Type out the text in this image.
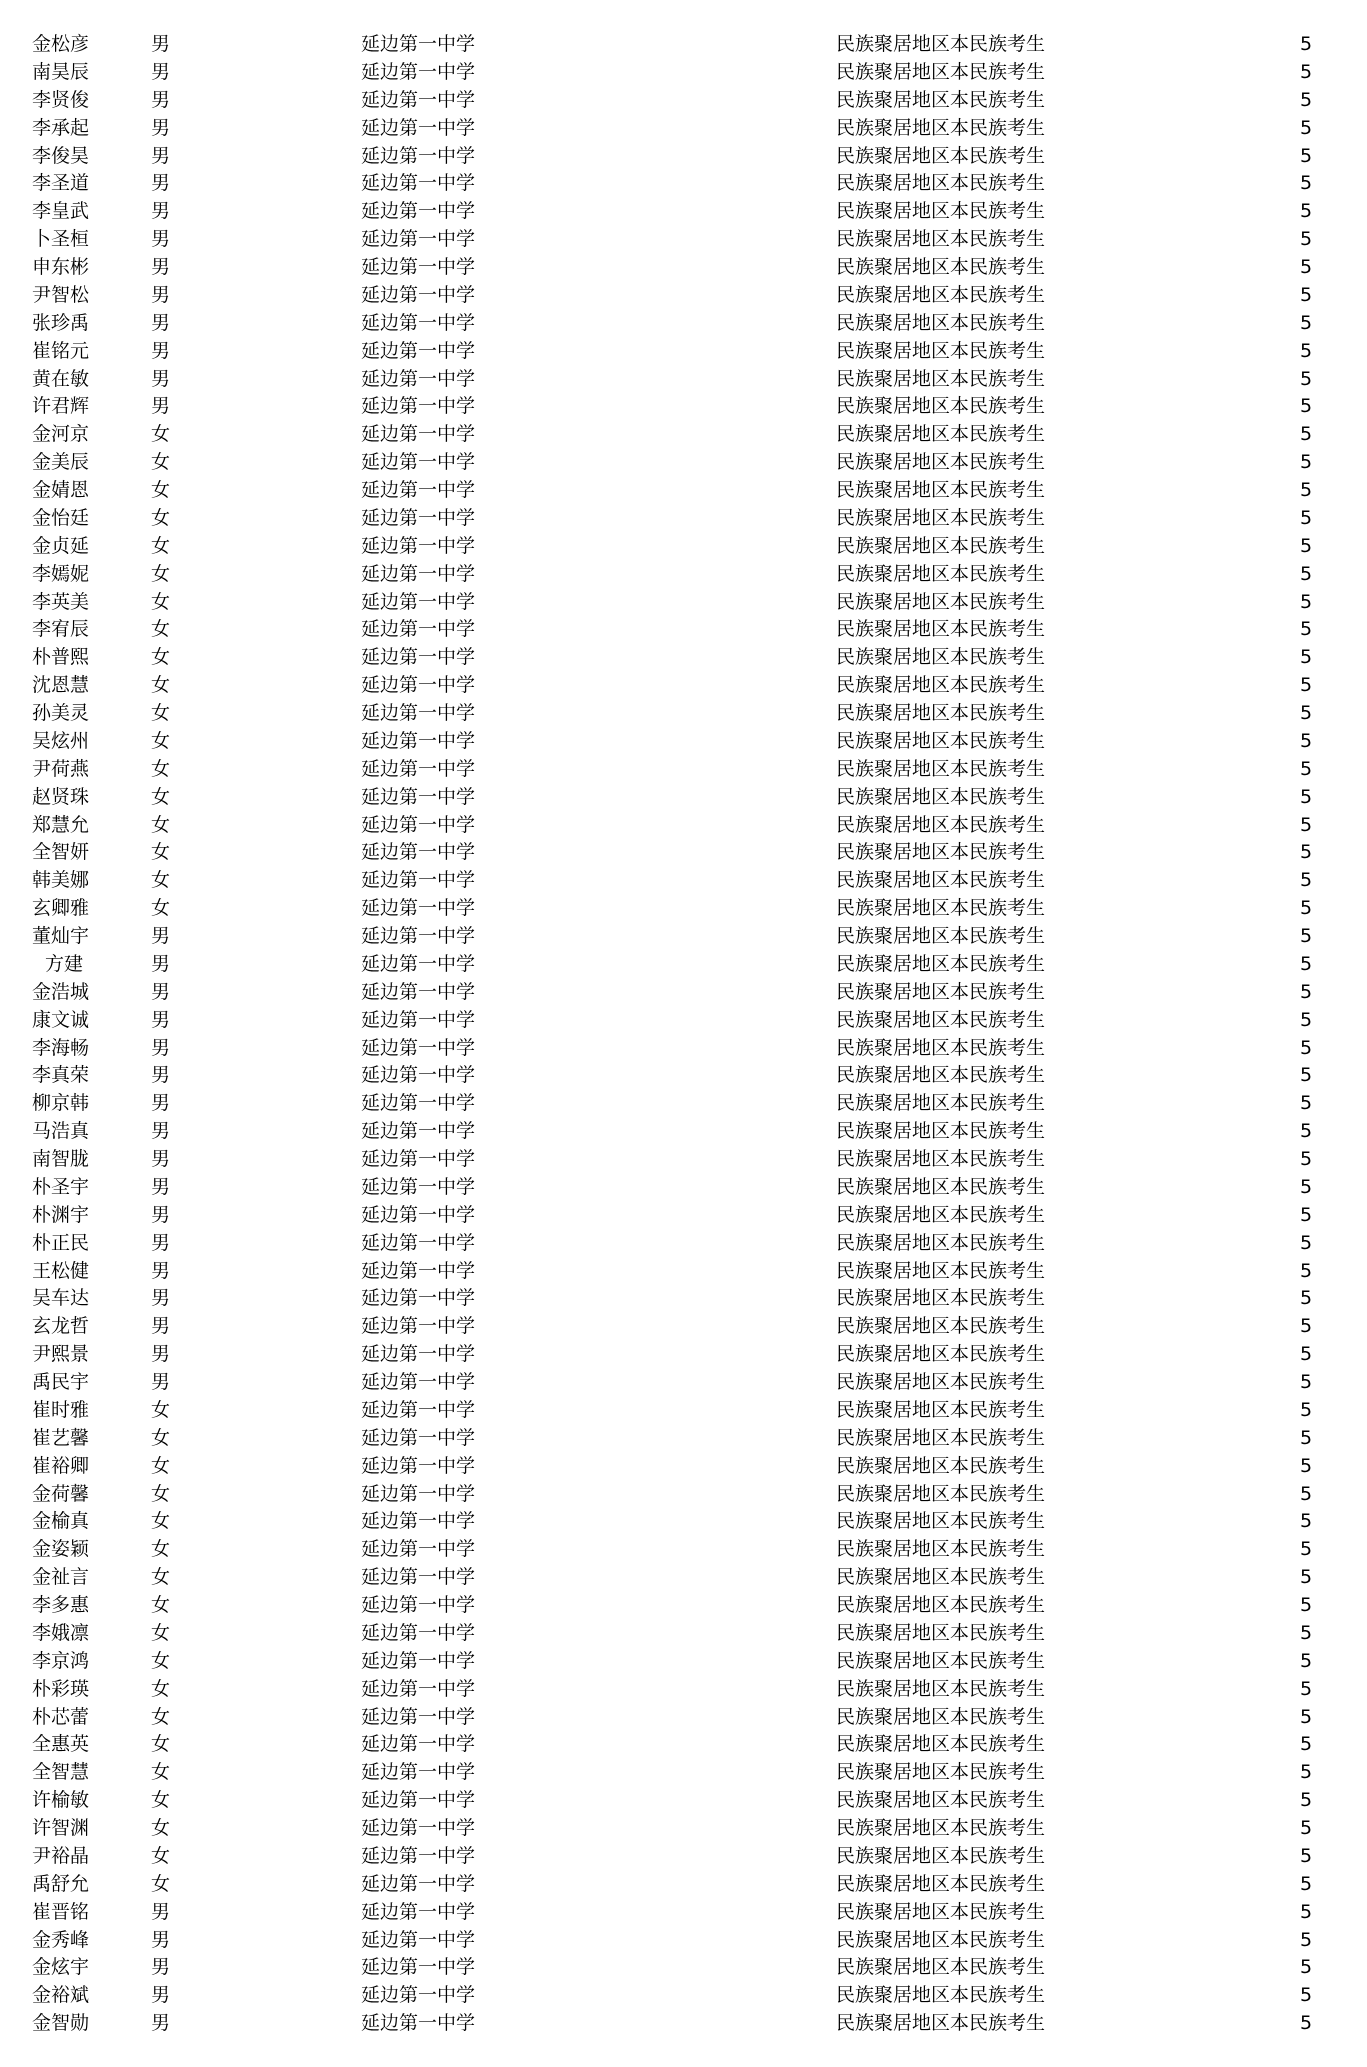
金松彦	男	延边第一中学	民族聚居地区本民族考生	5
南昊辰	男	延边第一中学	民族聚居地区本民族考生	5
李贤俊	男	延边第一中学	民族聚居地区本民族考生	5
李承起	男	延边第一中学	民族聚居地区本民族考生	5
李俊昊	男	延边第一中学	民族聚居地区本民族考生	5
李圣道	男	延边第一中学	民族聚居地区本民族考生	5
李皇武	男	延边第一中学	民族聚居地区本民族考生	5
卜圣桓	男	延边第一中学	民族聚居地区本民族考生	5
申东彬	男	延边第一中学	民族聚居地区本民族考生	5
尹智松	男	延边第一中学	民族聚居地区本民族考生	5
张珍禹	男	延边第一中学	民族聚居地区本民族考生	5
崔铭元	男	延边第一中学	民族聚居地区本民族考生	5
黄在敏	男	延边第一中学	民族聚居地区本民族考生	5
许君辉	男	延边第一中学	民族聚居地区本民族考生	5
金河京	女	延边第一中学	民族聚居地区本民族考生	5
金美辰	女	延边第一中学	民族聚居地区本民族考生	5
金婧恩	女	延边第一中学	民族聚居地区本民族考生	5
金怡廷	女	延边第一中学	民族聚居地区本民族考生	5
金贞延	女	延边第一中学	民族聚居地区本民族考生	5
李嫣妮	女	延边第一中学	民族聚居地区本民族考生	5
李英美	女	延边第一中学	民族聚居地区本民族考生	5
李宥辰	女	延边第一中学	民族聚居地区本民族考生	5
朴普熙	女	延边第一中学	民族聚居地区本民族考生	5
沈恩慧	女	延边第一中学	民族聚居地区本民族考生	5
孙美灵	女	延边第一中学	民族聚居地区本民族考生	5
吴炫州	女	延边第一中学	民族聚居地区本民族考生	5
尹荷燕	女	延边第一中学	民族聚居地区本民族考生	5
赵贤珠	女	延边第一中学	民族聚居地区本民族考生	5
郑慧允	女	延边第一中学	民族聚居地区本民族考生	5
全智妍	女	延边第一中学	民族聚居地区本民族考生	5
韩美娜	女	延边第一中学	民族聚居地区本民族考生	5
玄卿雅	女	延边第一中学	民族聚居地区本民族考生	5
董灿宇	男	延边第一中学	民族聚居地区本民族考生	5
方建	男	延边第一中学	民族聚居地区本民族考生	5
金浩城	男	延边第一中学	民族聚居地区本民族考生	5
康文诚	男	延边第一中学	民族聚居地区本民族考生	5
李海畅	男	延边第一中学	民族聚居地区本民族考生	5
李真荣	男	延边第一中学	民族聚居地区本民族考生	5
柳京韩	男	延边第一中学	民族聚居地区本民族考生	5
马浩真	男	延边第一中学	民族聚居地区本民族考生	5
南智胧	男	延边第一中学	民族聚居地区本民族考生	5
朴圣宇	男	延边第一中学	民族聚居地区本民族考生	5
朴渊宇	男	延边第一中学	民族聚居地区本民族考生	5
朴正民	男	延边第一中学	民族聚居地区本民族考生	5
王松健	男	延边第一中学	民族聚居地区本民族考生	5
吴车达	男	延边第一中学	民族聚居地区本民族考生	5
玄龙哲	男	延边第一中学	民族聚居地区本民族考生	5
尹熙景	男	延边第一中学	民族聚居地区本民族考生	5
禹民宇	男	延边第一中学	民族聚居地区本民族考生	5
崔时雅	女	延边第一中学	民族聚居地区本民族考生	5
崔艺馨	女	延边第一中学	民族聚居地区本民族考生	5
崔裕卿	女	延边第一中学	民族聚居地区本民族考生	5
金荷馨	女	延边第一中学	民族聚居地区本民族考生	5
金榆真	女	延边第一中学	民族聚居地区本民族考生	5
金姿颖	女	延边第一中学	民族聚居地区本民族考生	5
金祉言	女	延边第一中学	民族聚居地区本民族考生	5
李多惠	女	延边第一中学	民族聚居地区本民族考生	5
李娥凛	女	延边第一中学	民族聚居地区本民族考生	5
李京鸿	女	延边第一中学	民族聚居地区本民族考生	5
朴彩瑛	女	延边第一中学	民族聚居地区本民族考生	5
朴芯蕾	女	延边第一中学	民族聚居地区本民族考生	5
全惠英	女	延边第一中学	民族聚居地区本民族考生	5
全智慧	女	延边第一中学	民族聚居地区本民族考生	5
许榆敏	女	延边第一中学	民族聚居地区本民族考生	5
许智渊	女	延边第一中学	民族聚居地区本民族考生	5
尹裕晶	女	延边第一中学	民族聚居地区本民族考生	5
禹舒允	女	延边第一中学	民族聚居地区本民族考生	5
崔晋铭	男	延边第一中学	民族聚居地区本民族考生	5
金秀峰	男	延边第一中学	民族聚居地区本民族考生	5
金炫宇	男	延边第一中学	民族聚居地区本民族考生	5
金裕斌	男	延边第一中学	民族聚居地区本民族考生	5
金智勋	男	延边第一中学	民族聚居地区本民族考生	5
